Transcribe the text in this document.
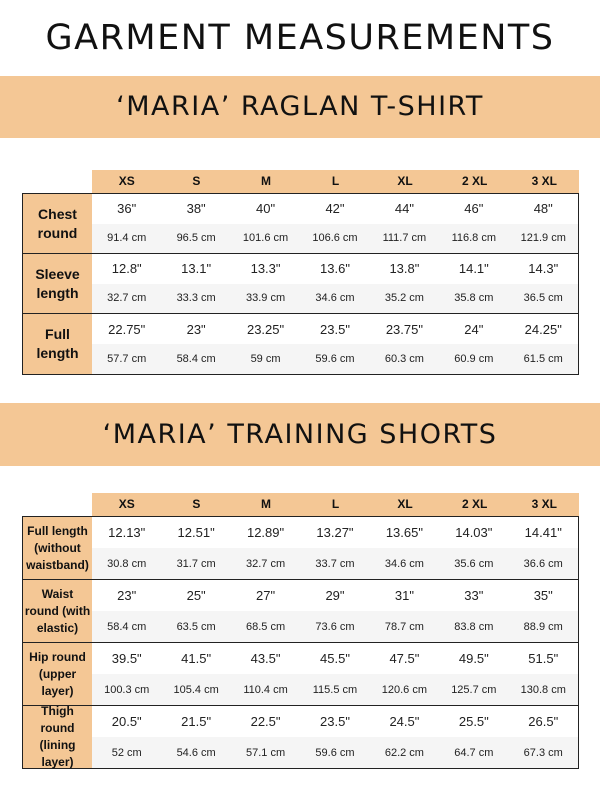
GARMENT MEASUREMENTS
‘MARIA’ RAGLAN T-SHIRT
‘MARIA’ TRAINING SHORTS
XS	S	M	L	XL	2 XL	3 XL
Chest
round
36"	38"	40"	42"	44"	46"	48"
91.4 cm	96.5 cm	101.6 cm	106.6 cm	111.7 cm	116.8 cm	121.9 cm
Sleeve
length
12.8"	13.1"	13.3"	13.6"	13.8"	14.1"	14.3"
32.7 cm	33.3 cm	33.9 cm	34.6 cm	35.2 cm	35.8 cm	36.5 cm
Full
length
22.75"	23"	23.25"	23.5"	23.75"	24"	24.25"
57.7 cm	58.4 cm	59 cm	59.6 cm	60.3 cm	60.9 cm	61.5 cm
XS	S	M	L	XL	2 XL	3 XL
Full length
(without
waistband)
12.13"	12.51"	12.89"	13.27"	13.65"	14.03"	14.41"
30.8 cm	31.7 cm	32.7 cm	33.7 cm	34.6 cm	35.6 cm	36.6 cm
Waist
round (with
elastic)
23"	25"	27"	29"	31"	33"	35"
58.4 cm	63.5 cm	68.5 cm	73.6 cm	78.7 cm	83.8 cm	88.9 cm
Hip round
(upper
layer)
39.5"	41.5"	43.5"	45.5"	47.5"	49.5"	51.5"
100.3 cm	105.4 cm	110.4 cm	115.5 cm	120.6 cm	125.7 cm	130.8 cm
Thigh round
(lining
layer)
20.5"	21.5"	22.5"	23.5"	24.5"	25.5"	26.5"
52 cm	54.6 cm	57.1 cm	59.6 cm	62.2 cm	64.7 cm	67.3 cm
